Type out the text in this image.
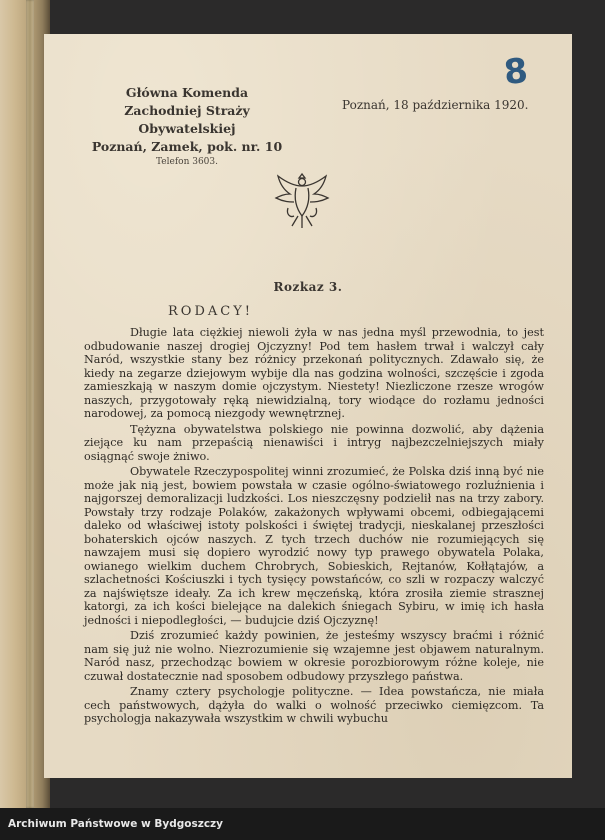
Główna Komenda
Zachodniej Straży Obywatelskiej
Poznań, Zamek, pok. nr. 10
Telefon 3603.
Poznań, 18 października 1920.
8
Rozkaz 3.
RODACY!

Długie lata ciężkiej niewoli żyła w nas jedna myśl przewodnia, to jest odbudowanie naszej drogiej Ojczyzny! Pod tem hasłem trwał i walczył cały Naród, wszystkie stany bez różnicy przekonań politycznych. Zdawało się, że kiedy na zegarze dziejowym wybije dla nas godzina wolności, szczęście i zgoda zamieszkają w naszym domie ojczystym. Niestety! Niezliczone rzesze wrogów naszych, przygotowały ręką niewidzialną, tory wiodące do rozłamu jedności narodowej, za pomocą niezgody wewnętrznej.

Tężyzna obywatelstwa polskiego nie powinna dozwolić, aby dążenia ziejące ku nam przepaścią nienawiści i intryg najbezczelniejszych miały osiągnąć swoje żniwo.

Obywatele Rzeczypospolitej winni zrozumieć, że Polska dziś inną być nie może jak nią jest, bowiem powstała w czasie ogólno-światowego rozluźnienia i najgorszej demoralizacji ludzkości. Los nieszczęsny podzielił nas na trzy zabory. Powstały trzy rodzaje Polaków, zakażonych wpływami obcemi, odbiegającemi daleko od właściwej istoty polskości i świętej tradycji, nieskalanej przeszłości bohaterskich ojców naszych. Z tych trzech duchów nie rozumiejących się nawzajem musi się dopiero wyrodzić nowy typ prawego obywatela Polaka, owianego wielkim duchem Chrobrych, Sobieskich, Rejtanów, Kołłątajów, a szlachetności Kościuszki i tych tysięcy powstańców, co szli w rozpaczy walczyć za najświętsze ideały. Za ich krew męczeńską, która zrosiła ziemie strasznej katorgi, za ich kości bielejące na dalekich śniegach Sybiru, w imię ich hasła jedności i niepodległości, — budujcie dziś Ojczyznę!

Dziś zrozumieć każdy powinien, że jesteśmy wszyscy braćmi i różnić nam się już nie wolno. Niezrozumienie się wzajemne jest objawem naturalnym. Naród nasz, przechodząc bowiem w okresie porozbiorowym różne koleje, nie czuwał dostatecznie nad sposobem odbudowy przyszłego państwa.

Znamy cztery psychologje polityczne. — Idea powstańcza, nie miała cech państwowych, dążyła do walki o wolność przeciwko ciemięzcom. Ta psychologja nakazywała wszystkim w chwili wybuchu

Archiwum Państwowe w Bydgoszczy
